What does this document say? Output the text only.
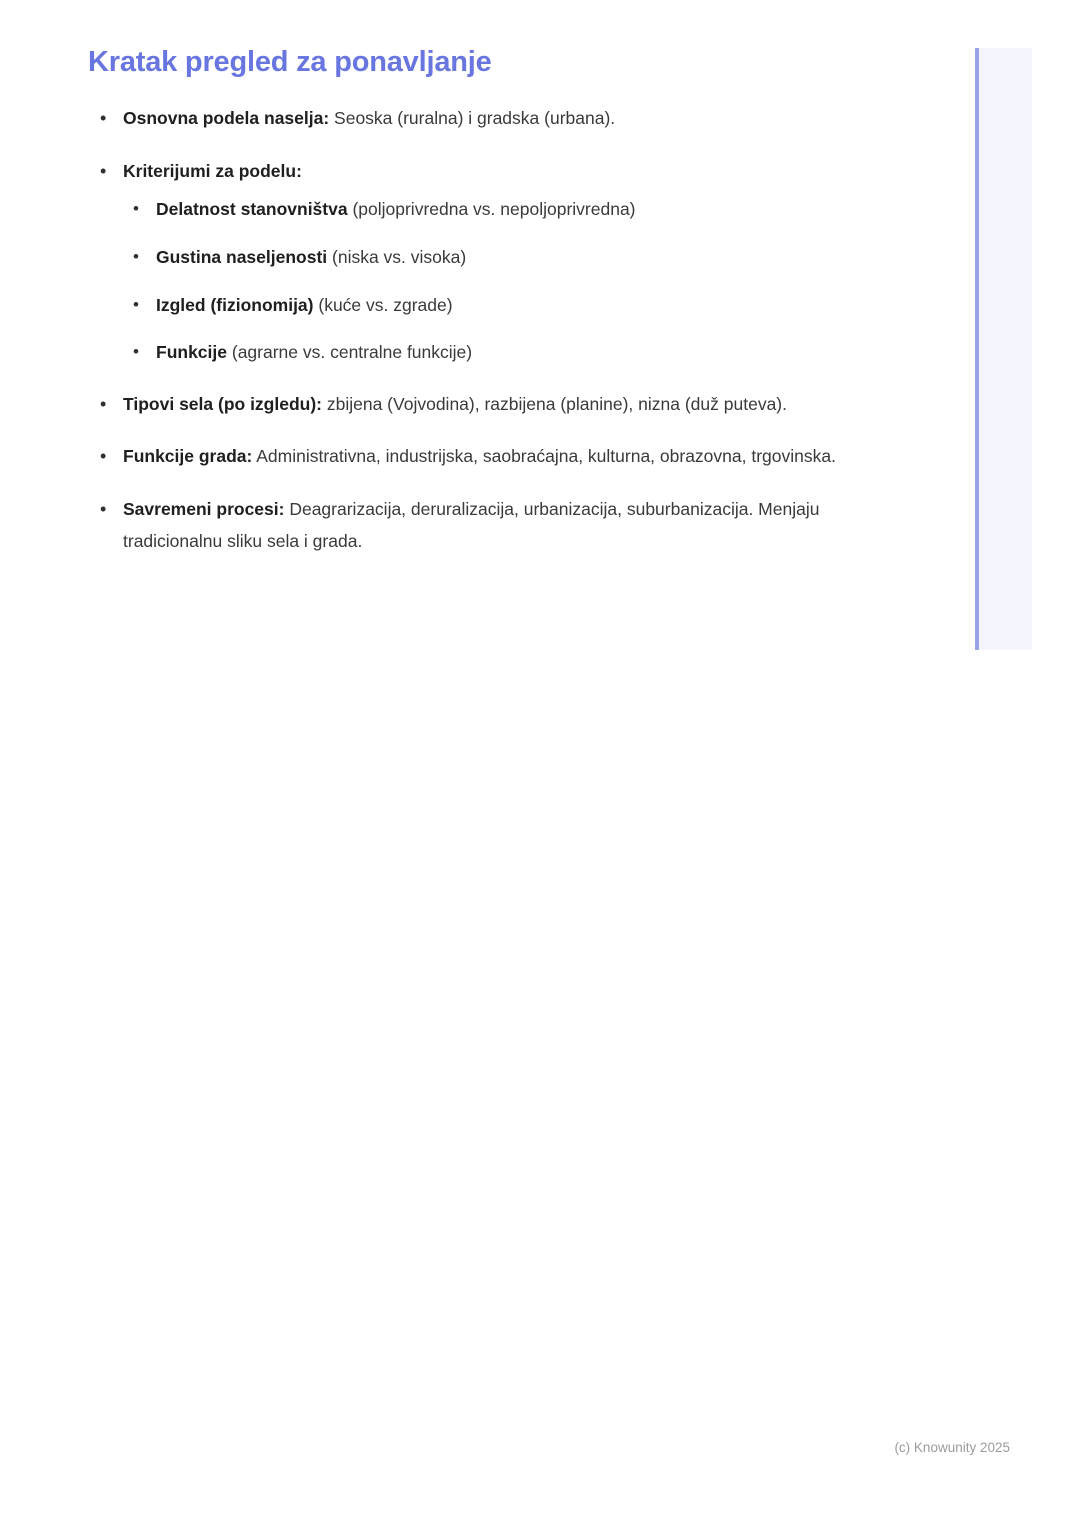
Kratak pregled za ponavljanje
• Osnovna podela naselja: Seoska (ruralna) i gradska (urbana).
• Kriterijumi za podelu:
• Delatnost stanovništva (poljoprivredna vs. nepoljoprivredna)
• Gustina naseljenosti (niska vs. visoka)
• Izgled (fizionomija) (kuće vs. zgrade)
• Funkcije (agrarne vs. centralne funkcije)
• Tipovi sela (po izgledu): zbijena (Vojvodina), razbijena (planine), nizna (duž puteva).
• Funkcije grada: Administrativna, industrijska, saobraćajna, kulturna, obrazovna, trgovinska.
• Savremeni procesi: Deagrarizacija, deruralizacija, urbanizacija, suburbanizacija. Menjaju tradicionalnu sliku sela i grada.
(c) Knowunity 2025
